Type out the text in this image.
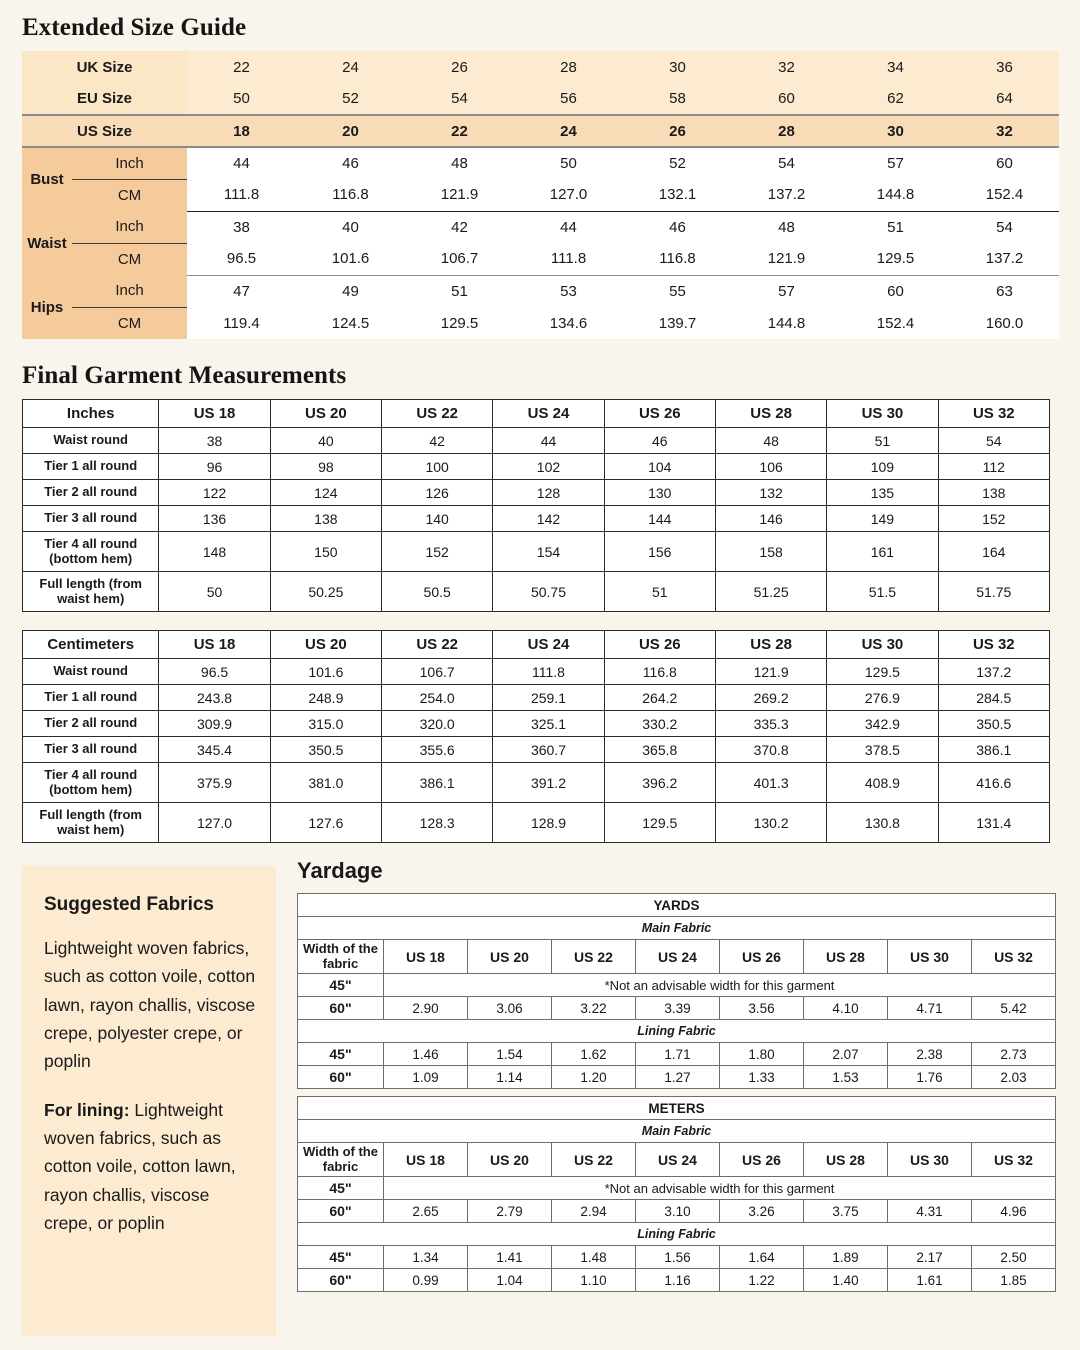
Extended Size Guide
UK Size		22	24	26	28	30	32	34	36
EU Size		50	52	54	56	58	60	62	64
US Size		18	20	22	24	26	28	30	32
Bust	Inch	44	46	48	50	52	54	57	60
	CM	111.8	116.8	121.9	127.0	132.1	137.2	144.8	152.4
Waist	Inch	38	40	42	44	46	48	51	54
	CM	96.5	101.6	106.7	111.8	116.8	121.9	129.5	137.2
Hips	Inch	47	49	51	53	55	57	60	63
	CM	119.4	124.5	129.5	134.6	139.7	144.8	152.4	160.0
Final Garment Measurements
Inches	US 18	US 20	US 22	US 24	US 26	US 28	US 30	US 32
Waist round	38	40	42	44	46	48	51	54
Tier 1 all round	96	98	100	102	104	106	109	112
Tier 2 all round	122	124	126	128	130	132	135	138
Tier 3 all round	136	138	140	142	144	146	149	152
Tier 4 all round (bottom hem)	148	150	152	154	156	158	161	164
Full length (from waist hem)	50	50.25	50.5	50.75	51	51.25	51.5	51.75
Centimeters	US 18	US 20	US 22	US 24	US 26	US 28	US 30	US 32
Waist round	96.5	101.6	106.7	111.8	116.8	121.9	129.5	137.2
Tier 1 all round	243.8	248.9	254.0	259.1	264.2	269.2	276.9	284.5
Tier 2 all round	309.9	315.0	320.0	325.1	330.2	335.3	342.9	350.5
Tier 3 all round	345.4	350.5	355.6	360.7	365.8	370.8	378.5	386.1
Tier 4 all round (bottom hem)	375.9	381.0	386.1	391.2	396.2	401.3	408.9	416.6
Full length (from waist hem)	127.0	127.6	128.3	128.9	129.5	130.2	130.8	131.4
Suggested Fabrics

Lightweight woven fabrics, such as cotton voile, cotton lawn, rayon challis, viscose crepe, polyester crepe, or poplin

For lining: Lightweight woven fabrics, such as cotton voile, cotton lawn, rayon challis, viscose crepe, or poplin

Yardage
YARDS								
Main Fabric								
Width of the fabric	US 18	US 20	US 22	US 24	US 26	US 28	US 30	US 32
45"	*Not an advisable width for this garment							
60"	2.90	3.06	3.22	3.39	3.56	4.10	4.71	5.42
Lining Fabric								
45"	1.46	1.54	1.62	1.71	1.80	2.07	2.38	2.73
60"	1.09	1.14	1.20	1.27	1.33	1.53	1.76	2.03
METERS								
Main Fabric								
Width of the fabric	US 18	US 20	US 22	US 24	US 26	US 28	US 30	US 32
45"	*Not an advisable width for this garment							
60"	2.65	2.79	2.94	3.10	3.26	3.75	4.31	4.96
Lining Fabric								
45"	1.34	1.41	1.48	1.56	1.64	1.89	2.17	2.50
60"	0.99	1.04	1.10	1.16	1.22	1.40	1.61	1.85
